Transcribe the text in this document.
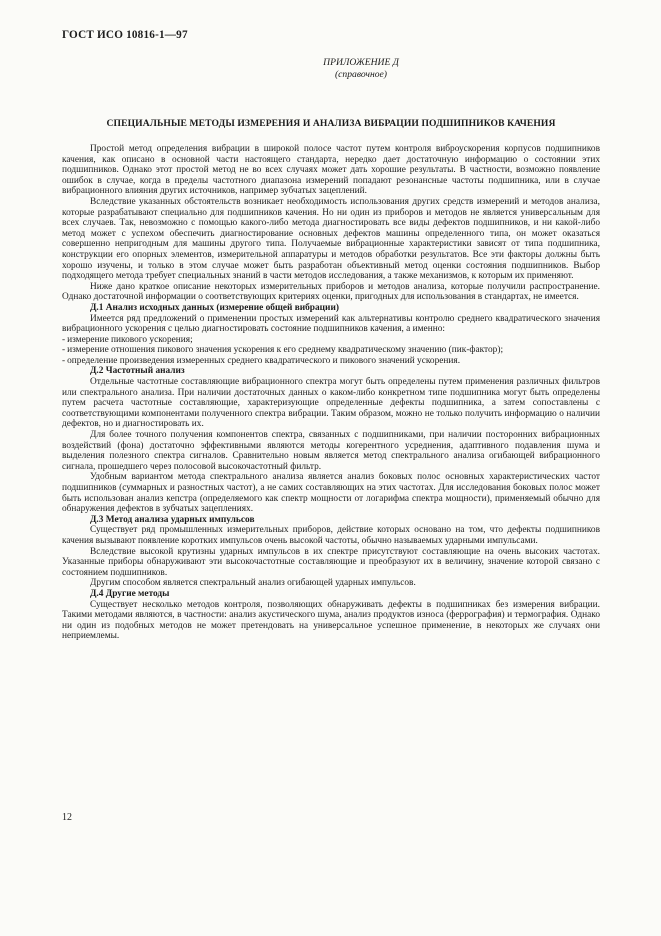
ГОСТ ИСО 10816-1—97
ПРИЛОЖЕНИЕ Д
(справочное)
СПЕЦИАЛЬНЫЕ МЕТОДЫ ИЗМЕРЕНИЯ И АНАЛИЗА ВИБРАЦИИ ПОДШИПНИКОВ КАЧЕНИЯ

Простой метод определения вибрации в широкой полосе частот путем контроля виброускорения корпусов подшипников качения, как описано в основной части настоящего стандарта, нередко дает достаточную информацию о состоянии этих подшипников. Однако этот простой метод не во всех случаях может дать хорошие результаты. В частности, возможно появление ошибок в случае, когда в пределы частотного диапазона измерений попадают резонансные частоты подшипника, или в случае вибрационного влияния других источников, например зубчатых зацеплений.

Вследствие указанных обстоятельств возникает необходимость использования других средств измерений и методов анализа, которые разрабатывают специально для подшипников качения. Но ни один из приборов и методов не является универсальным для всех случаев. Так, невозможно с помощью какого-либо метода диагностировать все виды дефектов подшипников, и ни какой-либо метод может с успехом обеспечить диагностирование основных дефектов машины определенного типа, он может оказаться совершенно непригодным для машины другого типа. Получаемые вибрационные характеристики зависят от типа подшипника, конструкции его опорных элементов, измерительной аппаратуры и методов обработки результатов. Все эти факторы должны быть хорошо изучены, и только в этом случае может быть разработан объективный метод оценки состояния подшипников. Выбор подходящего метода требует специальных знаний в части методов исследования, а также механизмов, к которым их применяют.

Ниже дано краткое описание некоторых измерительных приборов и методов анализа, которые получили распространение. Однако достаточной информации о соответствующих критериях оценки, пригодных для использования в стандартах, не имеется.

Д.1 Анализ исходных данных (измерение общей вибрации)

Имеется ряд предложений о применении простых измерений как альтернативы контролю среднего квадратического значения вибрационного ускорения с целью диагностировать состояние подшипников качения, а именно:

- измерение пикового ускорения;

- измерение отношения пикового значения ускорения к его среднему квадратическому значению (пик-фактор);

- определение произведения измеренных среднего квадратического и пикового значений ускорения.

Д.2 Частотный анализ

Отдельные частотные составляющие вибрационного спектра могут быть определены путем применения различных фильтров или спектрального анализа. При наличии достаточных данных о каком-либо конкретном типе подшипника могут быть определены путем расчета частотные составляющие, характеризующие определенные дефекты подшипника, а затем сопоставлены с соответствующими компонентами полученного спектра вибрации. Таким образом, можно не только получить информацию о наличии дефектов, но и диагностировать их.

Для более точного получения компонентов спектра, связанных с подшипниками, при наличии посторонних вибрационных воздействий (фона) достаточно эффективными являются методы когерентного усреднения, адаптивного подавления шума и выделения полезного спектра сигналов. Сравнительно новым является метод спектрального анализа огибающей вибрационного сигнала, прошедшего через полосовой высокочастотный фильтр.

Удобным вариантом метода спектрального анализа является анализ боковых полос основных характеристических частот подшипников (суммарных и разностных частот), а не самих составляющих на этих частотах. Для исследования боковых полос может быть использован анализ кепстра (определяемого как спектр мощности от логарифма спектра мощности), применяемый обычно для обнаружения дефектов в зубчатых зацеплениях.

Д.3 Метод анализа ударных импульсов

Существует ряд промышленных измерительных приборов, действие которых основано на том, что дефекты подшипников качения вызывают появление коротких импульсов очень высокой частоты, обычно называемых ударными импульсами.

Вследствие высокой крутизны ударных импульсов в их спектре присутствуют составляющие на очень высоких частотах. Указанные приборы обнаруживают эти высокочастотные составляющие и преобразуют их в величину, значение которой связано с состоянием подшипников.

Другим способом является спектральный анализ огибающей ударных импульсов.

Д.4 Другие методы

Существует несколько методов контроля, позволяющих обнаруживать дефекты в подшипниках без измерения вибрации. Такими методами являются, в частности: анализ акустического шума, анализ продуктов износа (феррография) и термография. Однако ни один из подобных методов не может претендовать на универсальное успешное применение, в некоторых же случаях они неприемлемы.

12
